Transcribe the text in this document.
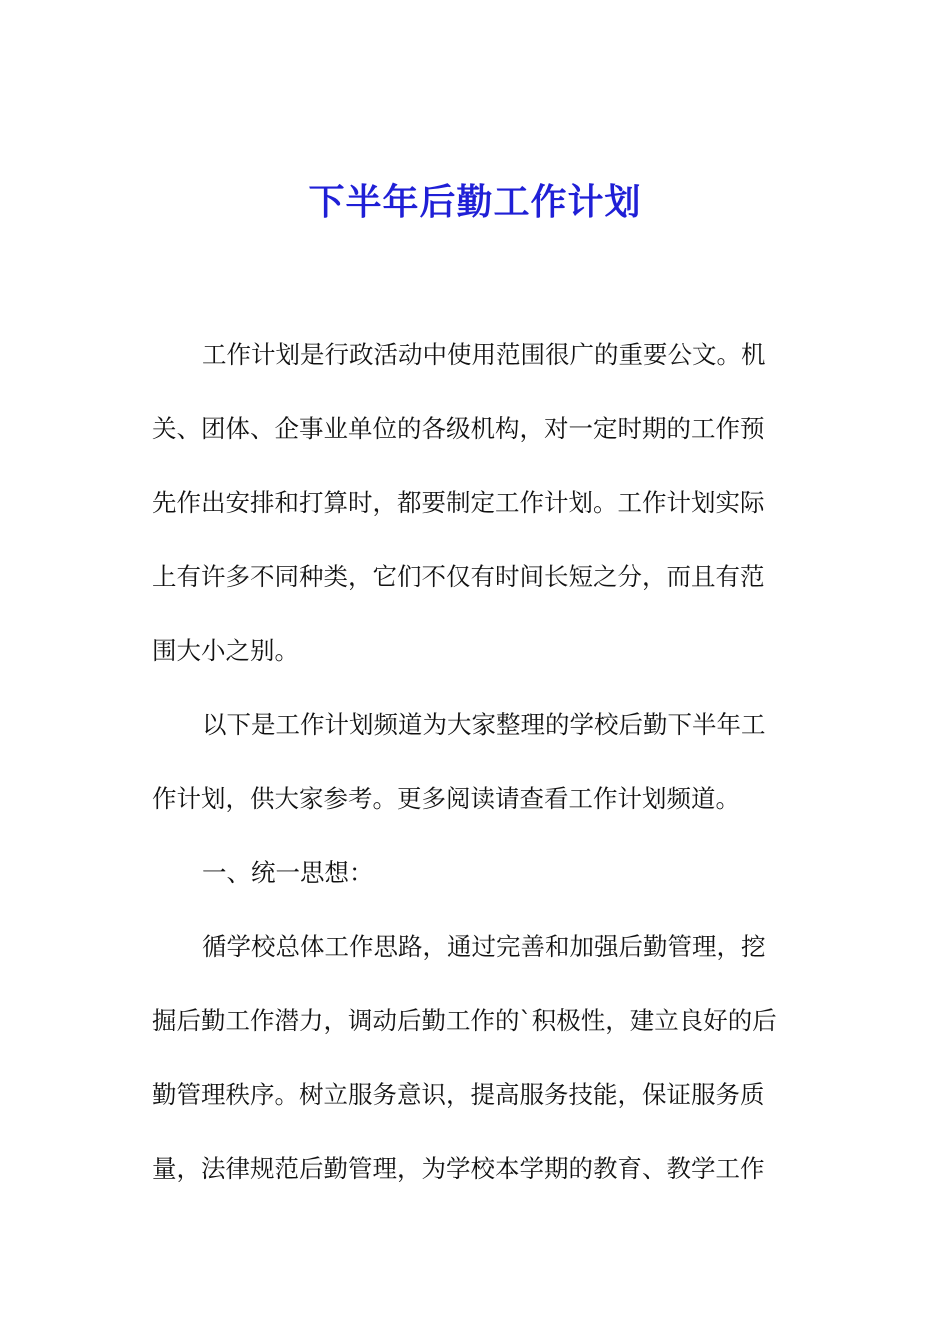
下半年后勤工作计划
工作计划是行政活动中使用范围很广的重要公文。机
关、团体、企事业单位的各级机构，对一定时期的工作预
先作出安排和打算时，都要制定工作计划。工作计划实际
上有许多不同种类，它们不仅有时间长短之分，而且有范
围大小之别。
以下是工作计划频道为大家整理的学校后勤下半年工
作计划，供大家参考。更多阅读请查看工作计划频道。
一、统一思想：
循学校总体工作思路，通过完善和加强后勤管理，挖
掘后勤工作潜力，调动后勤工作的`积极性，建立良好的后
勤管理秩序。树立服务意识，提高服务技能，保证服务质
量，法律规范后勤管理，为学校本学期的教育、教学工作
